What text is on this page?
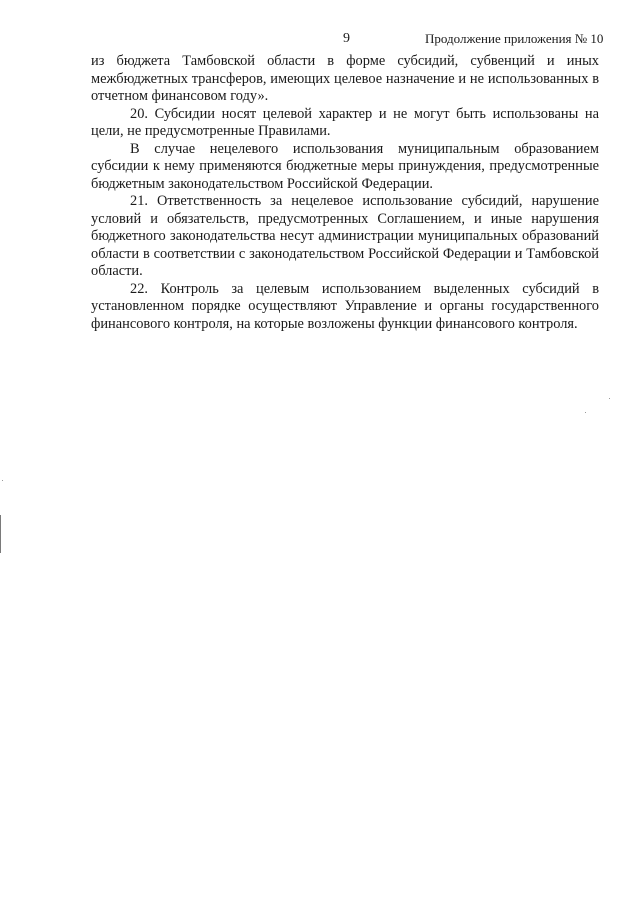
9	Продолжение приложения № 10

из бюджета Тамбовской области в форме субсидий, субвенций и иных межбюджетных трансферов, имеющих целевое назначение и не использованных в отчетном финансовом году».

20. Субсидии носят целевой характер и не могут быть использованы на цели, не предусмотренные Правилами.

В случае нецелевого использования муниципальным образованием субсидии к нему применяются бюджетные меры принуждения, предусмотренные бюджетным законодательством Российской Федерации.

21. Ответственность за нецелевое использование субсидий, нарушение условий и обязательств, предусмотренных Соглашением, и иные нарушения бюджетного законодательства несут администрации муниципальных образований области в соответствии с законодательством Российской Федерации и Тамбовской области.

22. Контроль за целевым использованием выделенных субсидий в установленном порядке осуществляют Управление и органы государственного финансового контроля, на которые возложены функции финансового контроля.
